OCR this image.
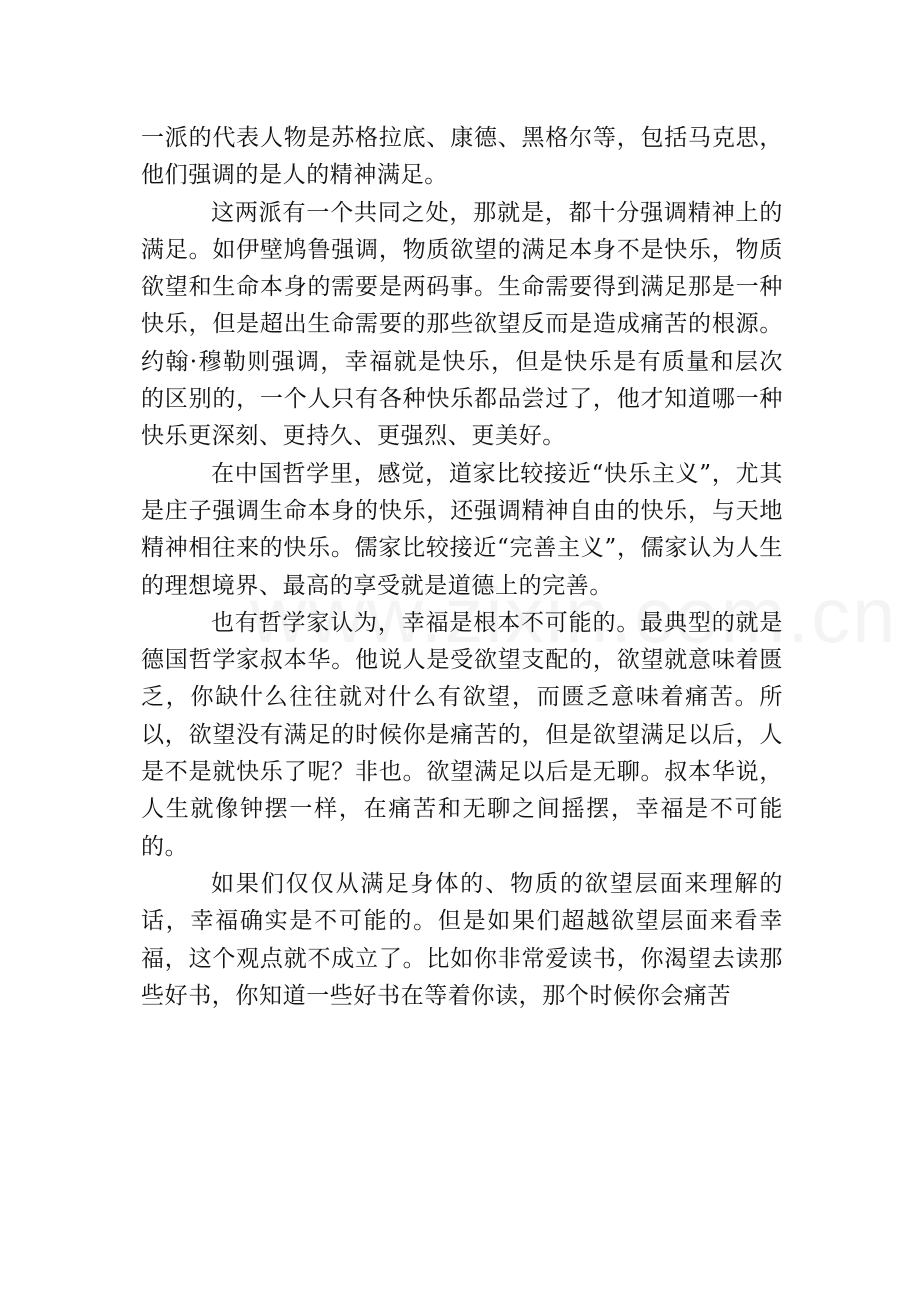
一派的代表人物是苏格拉底、康德、黑格尔等，包括马克思，他们强调的是人的精神满足。

这两派有一个共同之处，那就是，都十分强调精神上的满足。如伊壁鸠鲁强调，物质欲望的满足本身不是快乐，物质欲望和生命本身的需要是两码事。生命需要得到满足那是一种快乐，但是超出生命需要的那些欲望反而是造成痛苦的根源。约翰·穆勒则强调，幸福就是快乐，但是快乐是有质量和层次的区别的，一个人只有各种快乐都品尝过了，他才知道哪一种快乐更深刻、更持久、更强烈、更美好。

在中国哲学里，感觉，道家比较接近“快乐主义”，尤其是庄子强调生命本身的快乐，还强调精神自由的快乐，与天地精神相往来的快乐。儒家比较接近“完善主义”，儒家认为人生的理想境界、最高的享受就是道德上的完善。

也有哲学家认为，幸福是根本不可能的。最典型的就是德国哲学家叔本华。他说人是受欲望支配的，欲望就意味着匮乏，你缺什么往往就对什么有欲望，而匮乏意味着痛苦。所以，欲望没有满足的时候你是痛苦的，但是欲望满足以后，人是不是就快乐了呢？非也。欲望满足以后是无聊。叔本华说，人生就像钟摆一样，在痛苦和无聊之间摇摆，幸福是不可能的。

如果们仅仅从满足身体的、物质的欲望层面来理解的话，幸福确实是不可能的。但是如果们超越欲望层面来看幸福，这个观点就不成立了。比如你非常爱读书，你渴望去读那些好书，你知道一些好书在等着你读，那个时候你会痛苦
